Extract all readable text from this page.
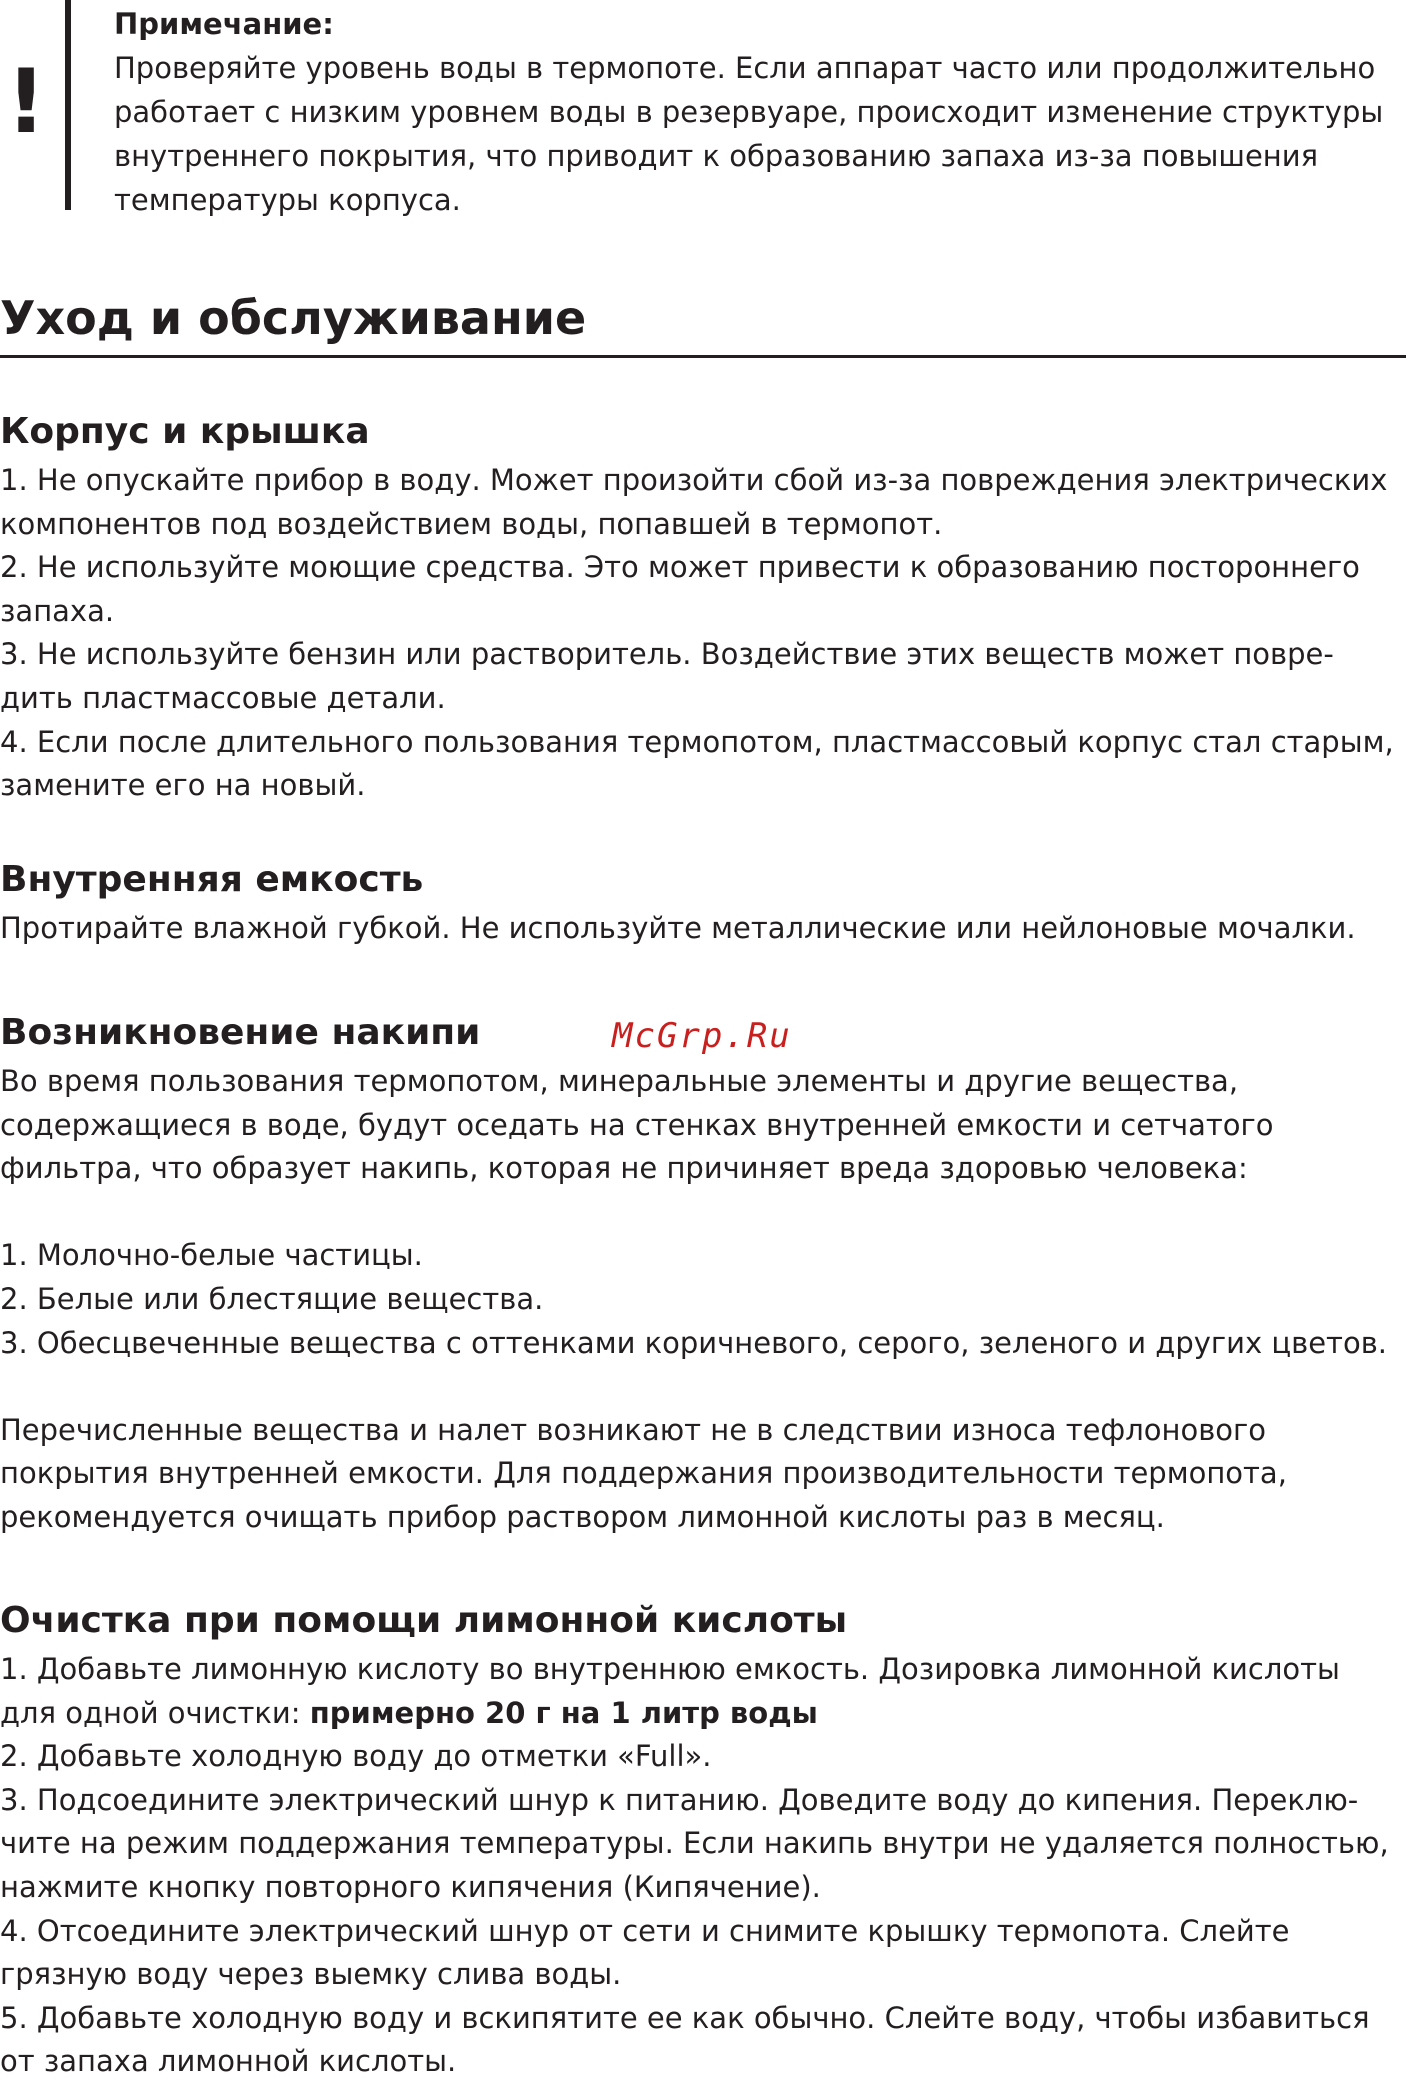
!
Примечание:
Проверяйте уровень воды в термопоте. Если аппарат часто или продолжительно
работает с низким уровнем воды в резервуаре, происходит изменение структуры
внутреннего покрытия, что приводит к образованию запаха из-за повышения
температуры корпуса.
Уход и обслуживание
Корпус и крышка
1. Не опускайте прибор в воду. Может произойти сбой из-за повреждения электрических
компонентов под воздействием воды, попавшей в термопот.
2. Не используйте моющие средства. Это может привести к образованию постороннего
запаха.
3. Не используйте бензин или растворитель. Воздействие этих веществ может повре-
дить пластмассовые детали.
4. Если после длительного пользования термопотом, пластмассовый корпус стал старым,
замените его на новый.
Внутренняя емкость
Протирайте влажной губкой. Не используйте металлические или нейлоновые мочалки.
Возникновение накипи
Во время пользования термопотом, минеральные элементы и другие вещества,
содержащиеся в воде, будут оседать на стенках внутренней емкости и сетчатого
фильтра, что образует накипь, которая не причиняет вреда здоровью человека:
1. Молочно-белые частицы.
2. Белые или блестящие вещества.
3. Обесцвеченные вещества с оттенками коричневого, серого, зеленого и других цветов.
Перечисленные вещества и налет возникают не в следствии износа тефлонового
покрытия внутренней емкости. Для поддержания производительности термопота,
рекомендуется очищать прибор раствором лимонной кислоты раз в месяц.
McGrp.Ru
Очистка при помощи лимонной кислоты
1. Добавьте лимонную кислоту во внутреннюю емкость. Дозировка лимонной кислоты
для одной очистки: примерно 20 г на 1 литр воды
2. Добавьте холодную воду до отметки «Full».
3. Подсоедините электрический шнур к питанию. Доведите воду до кипения. Переклю-
чите на режим поддержания температуры. Если накипь внутри не удаляется полностью,
нажмите кнопку повторного кипячения (Кипячение).
4. Отсоедините электрический шнур от сети и снимите крышку термопота. Слейте
грязную воду через выемку слива воды.
5. Добавьте холодную воду и вскипятите ее как обычно. Слейте воду, чтобы избавиться
от запаха лимонной кислоты.
